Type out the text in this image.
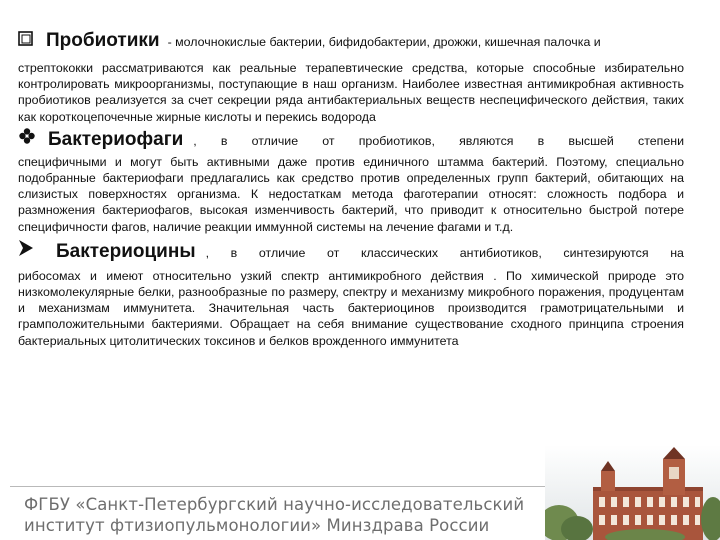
Пробиотики - молочнокислые бактерии, бифидобактерии, дрожжи, кишечная палочка и

стрептококки рассматриваются как реальные терапевтические средства, которые способные избирательно контролировать микроорганизмы, поступающие в наш организм. Наиболее известная антимикробная активность пробиотиков реализуется за счет секреции ряда антибактериальных веществ неспецифического действия, таких как короткоцепочечные жирные кислоты и перекись водорода

Бактериофаги , в отличие от пробиотиков, являются в высшей степени

специфичными и могут быть активными даже против единичного штамма бактерий. Поэтому, специально подобранные бактериофаги предлагались как средство против определенных групп бактерий, обитающих на слизистых поверхностях организма. К недостаткам метода фаготерапии относят: сложность подбора и размножения бактериофагов, высокая изменчивость бактерий, что приводит к относительно быстрой потере специфичности фагов, наличие реакции иммунной системы на лечение фагами и т.д.

Бактериоцины , в отличие от классических антибиотиков, синтезируются на

рибосомах и имеют относительно узкий спектр антимикробного действия . По химической природе это низкомолекулярные белки, разнообразные по размеру, спектру и механизму микробного поражения, продуцентам и механизмам иммунитета. Значительная часть бактериоцинов производится грамотрицательными и грамположительными бактериями. Обращает на себя внимание существование сходного принципа строения бактериальных цитолитических токсинов и белков врожденного иммунитета

ФГБУ «Санкт-Петербургский научно-исследовательский
институт фтизиопульмонологии» Минздрава России
